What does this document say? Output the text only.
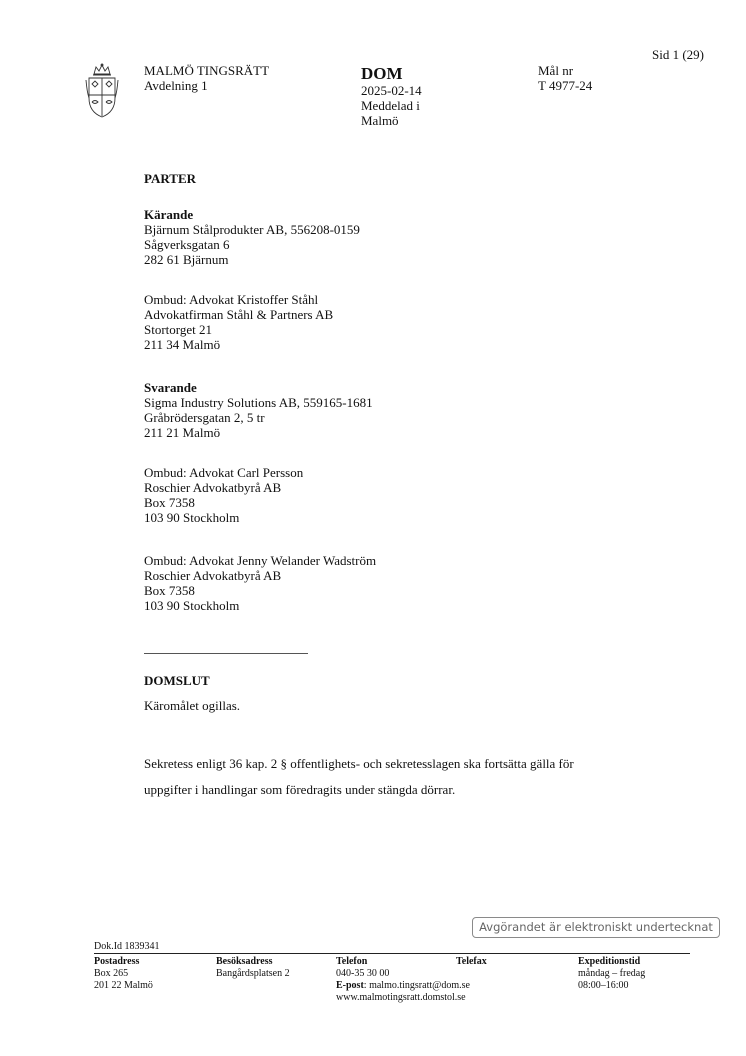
Sid 1 (29)
MALMÖ TINGSRÄTT
Avdelning 1
DOM
2025-02-14
Meddelad i
Malmö
Mål nr
T 4977-24
PARTER
Kärande
Bjärnum Stålprodukter AB, 556208-0159
Sågverksgatan 6
282 61 Bjärnum
Ombud: Advokat Kristoffer Ståhl
Advokatfirman Ståhl & Partners AB
Stortorget 21
211 34 Malmö
Svarande
Sigma Industry Solutions AB, 559165-1681
Gråbrödersgatan 2, 5 tr
211 21 Malmö
Ombud: Advokat Carl Persson
Roschier Advokatbyrå AB
Box 7358
103 90 Stockholm
Ombud: Advokat Jenny Welander Wadström
Roschier Advokatbyrå AB
Box 7358
103 90 Stockholm
DOMSLUT
Käromålet ogillas.
Sekretess enligt 36 kap. 2 § offentlighets- och sekretesslagen ska fortsätta gälla för
uppgifter i handlingar som föredragits under stängda dörrar.
Avgörandet är elektroniskt undertecknat
Dok.Id 1839341
Postadress
Box 265
201 22 Malmö
Besöksadress
Bangårdsplatsen 2
Telefon
040-35 30 00
E-post: malmo.tingsratt@dom.se
www.malmotingsratt.domstol.se
Telefax	Expeditionstid
måndag – fredag
08:00–16:00
